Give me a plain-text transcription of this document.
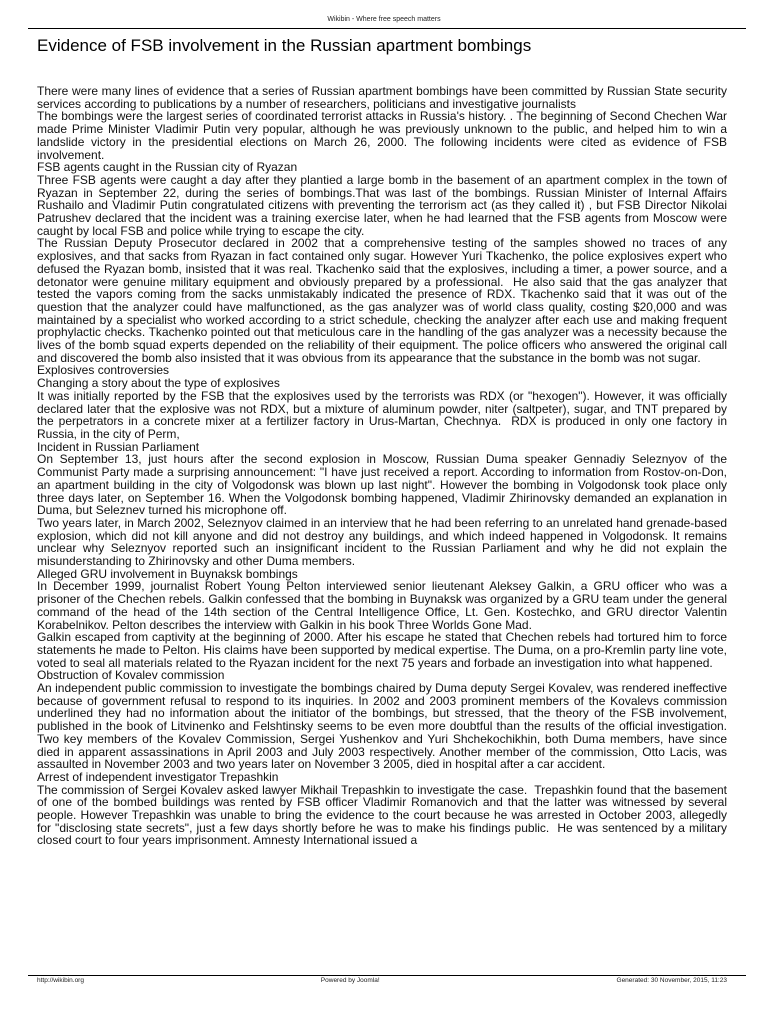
Wikibin - Where free speech matters
Evidence of FSB involvement in the Russian apartment bombings

There were many lines of evidence that a series of Russian apartment bombings have been committed by Russian State security services according to publications by a number of researchers, politicians and investigative journalists

The bombings were the largest series of coordinated terrorist attacks in Russia's history. . The beginning of Second Chechen War made Prime Minister Vladimir Putin very popular, although he was previously unknown to the public, and helped him to win a landslide victory in the presidential elections on March 26, 2000. The following incidents were cited as evidence of FSB involvement.

FSB agents caught in the Russian city of Ryazan

Three FSB agents were caught a day after they plantied a large bomb in the basement of an apartment complex in the town of Ryazan in September 22, during the series of bombings.That was last of the bombings. Russian Minister of Internal Affairs Rushailo and Vladimir Putin congratulated citizens with preventing the terrorism act (as they called it) , but FSB Director Nikolai Patrushev declared that the incident was a training exercise later, when he had learned that the FSB agents from Moscow were caught by local FSB and police while trying to escape the city.

The Russian Deputy Prosecutor declared in 2002 that a comprehensive testing of the samples showed no traces of any explosives, and that sacks from Ryazan in fact contained only sugar. However Yuri Tkachenko, the police explosives expert who defused the Ryazan bomb, insisted that it was real. Tkachenko said that the explosives, including a timer, a power source, and a detonator were genuine military equipment and obviously prepared by a professional.  He also said that the gas analyzer that tested the vapors coming from the sacks unmistakably indicated the presence of RDX. Tkachenko said that it was out of the question that the analyzer could have malfunctioned, as the gas analyzer was of world class quality, costing $20,000 and was maintained by a specialist who worked according to a strict schedule, checking the analyzer after each use and making frequent prophylactic checks. Tkachenko pointed out that meticulous care in the handling of the gas analyzer was a necessity because the lives of the bomb squad experts depended on the reliability of their equipment. The police officers who answered the original call and discovered the bomb also insisted that it was obvious from its appearance that the substance in the bomb was not sugar.

Explosives controversies

Changing a story about the type of explosives

It was initially reported by the FSB that the explosives used by the terrorists was RDX (or "hexogen"). However, it was officially declared later that the explosive was not RDX, but a mixture of aluminum powder, niter (saltpeter), sugar, and TNT prepared by the perpetrators in a concrete mixer at a fertilizer factory in Urus-Martan, Chechnya.  RDX is produced in only one factory in Russia, in the city of Perm,

Incident in Russian Parliament

On September 13, just hours after the second explosion in Moscow, Russian Duma speaker Gennadiy Seleznyov of the Communist Party made a surprising announcement: "I have just received a report. According to information from Rostov-on-Don, an apartment building in the city of Volgodonsk was blown up last night". However the bombing in Volgodonsk took place only three days later, on September 16. When the Volgodonsk bombing happened, Vladimir Zhirinovsky demanded an explanation in Duma, but Seleznev turned his microphone off.

Two years later, in March 2002, Seleznyov claimed in an interview that he had been referring to an unrelated hand grenade-based explosion, which did not kill anyone and did not destroy any buildings, and which indeed happened in Volgodonsk. It remains unclear why Seleznyov reported such an insignificant incident to the Russian Parliament and why he did not explain the misunderstanding to Zhirinovsky and other Duma members.

Alleged GRU involvement in Buynaksk bombings

In December 1999, journalist Robert Young Pelton interviewed senior lieutenant Aleksey Galkin, a GRU officer who was a prisoner of the Chechen rebels. Galkin confessed that the bombing in Buynaksk was organized by a GRU team under the general command of the head of the 14th section of the Central Intelligence Office, Lt. Gen. Kostechko, and GRU director Valentin Korabelnikov. Pelton describes the interview with Galkin in his book Three Worlds Gone Mad.

Galkin escaped from captivity at the beginning of 2000. After his escape he stated that Chechen rebels had tortured him to force statements he made to Pelton. His claims have been supported by medical expertise. The Duma, on a pro-Kremlin party line vote, voted to seal all materials related to the Ryazan incident for the next 75 years and forbade an investigation into what happened.

Obstruction of Kovalev commission

An independent public commission to investigate the bombings chaired by Duma deputy Sergei Kovalev, was rendered ineffective because of government refusal to respond to its inquiries. In 2002 and 2003 prominent members of the Kovalevs commission underlined they had no information about the initiator of the bombings, but stressed, that the theory of the FSB involvement, published in the book of Litvinenko and Felshtinsky seems to be even more doubtful than the results of the official investigation. Two key members of the Kovalev Commission, Sergei Yushenkov and Yuri Shchekochikhin, both Duma members, have since died in apparent assassinations in April 2003 and July 2003 respectively. Another member of the commission, Otto Lacis, was assaulted in November 2003 and two years later on November 3 2005, died in hospital after a car accident.

Arrest of independent investigator Trepashkin

The commission of Sergei Kovalev asked lawyer Mikhail Trepashkin to investigate the case.  Trepashkin found that the basement of one of the bombed buildings was rented by FSB officer Vladimir Romanovich and that the latter was witnessed by several people. However Trepashkin was unable to bring the evidence to the court because he was arrested in October 2003, allegedly for "disclosing state secrets", just a few days shortly before he was to make his findings public.  He was sentenced by a military closed court to four years imprisonment. Amnesty International issued a

http://wikibin.org	Powered by Joomla!	Generated: 30 November, 2015, 11:23
